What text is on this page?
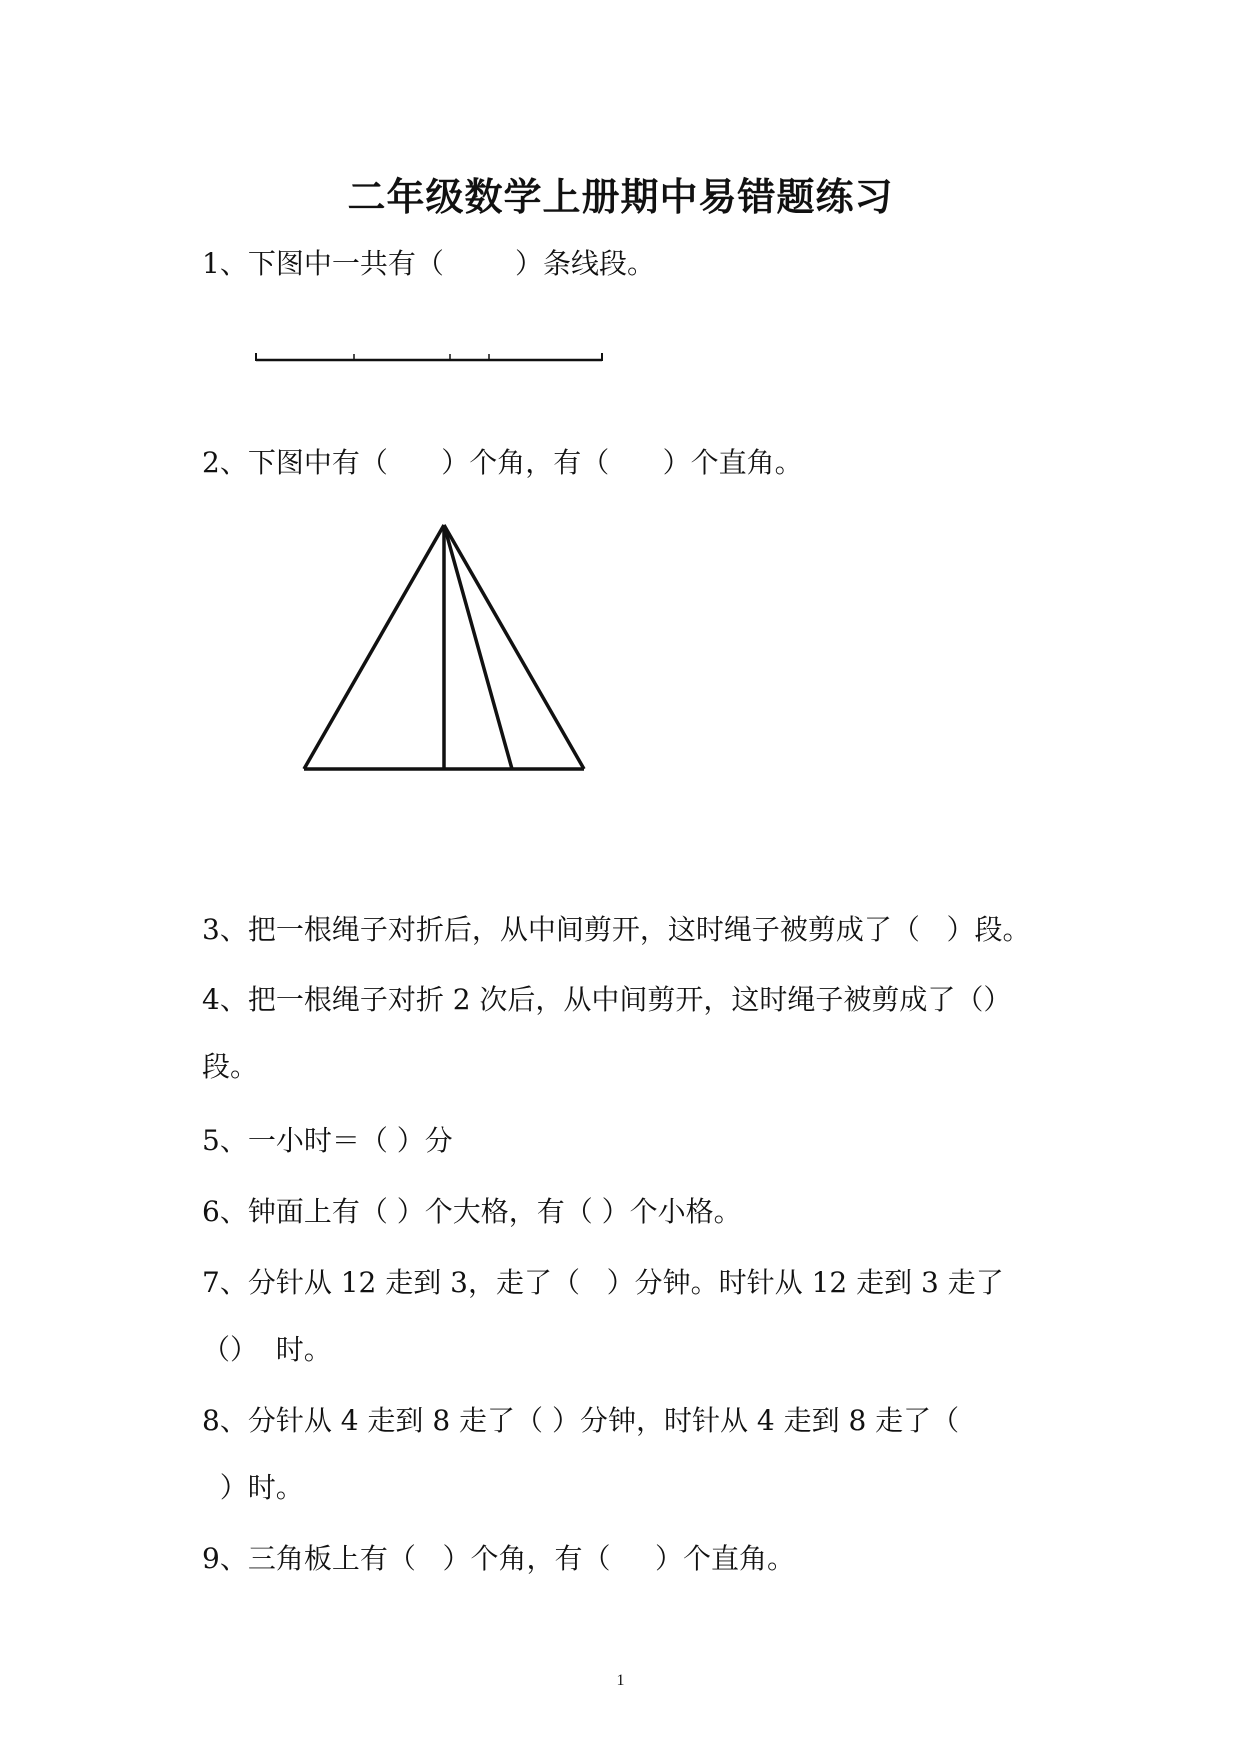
二年级数学上册期中易错题练习
1、下图中一共有（        ）条线段。
2、下图中有（      ）个角，有（      ）个直角。
3、把一根绳子对折后，从中间剪开，这时绳子被剪成了（   ）段。
4、把一根绳子对折 2 次后，从中间剪开，这时绳子被剪成了（）
段。
5、一小时＝（ ）分
6、钟面上有（ ）个大格，有（ ）个小格。
7、分针从 12 走到 3，走了（   ）分钟。时针从 12 走到 3 走了
（）  时。
8、分针从 4 走到 8 走了（ ）分钟，时针从 4 走到 8 走了（
）时。
9、三角板上有（   ）个角，有（     ）个直角。
1
